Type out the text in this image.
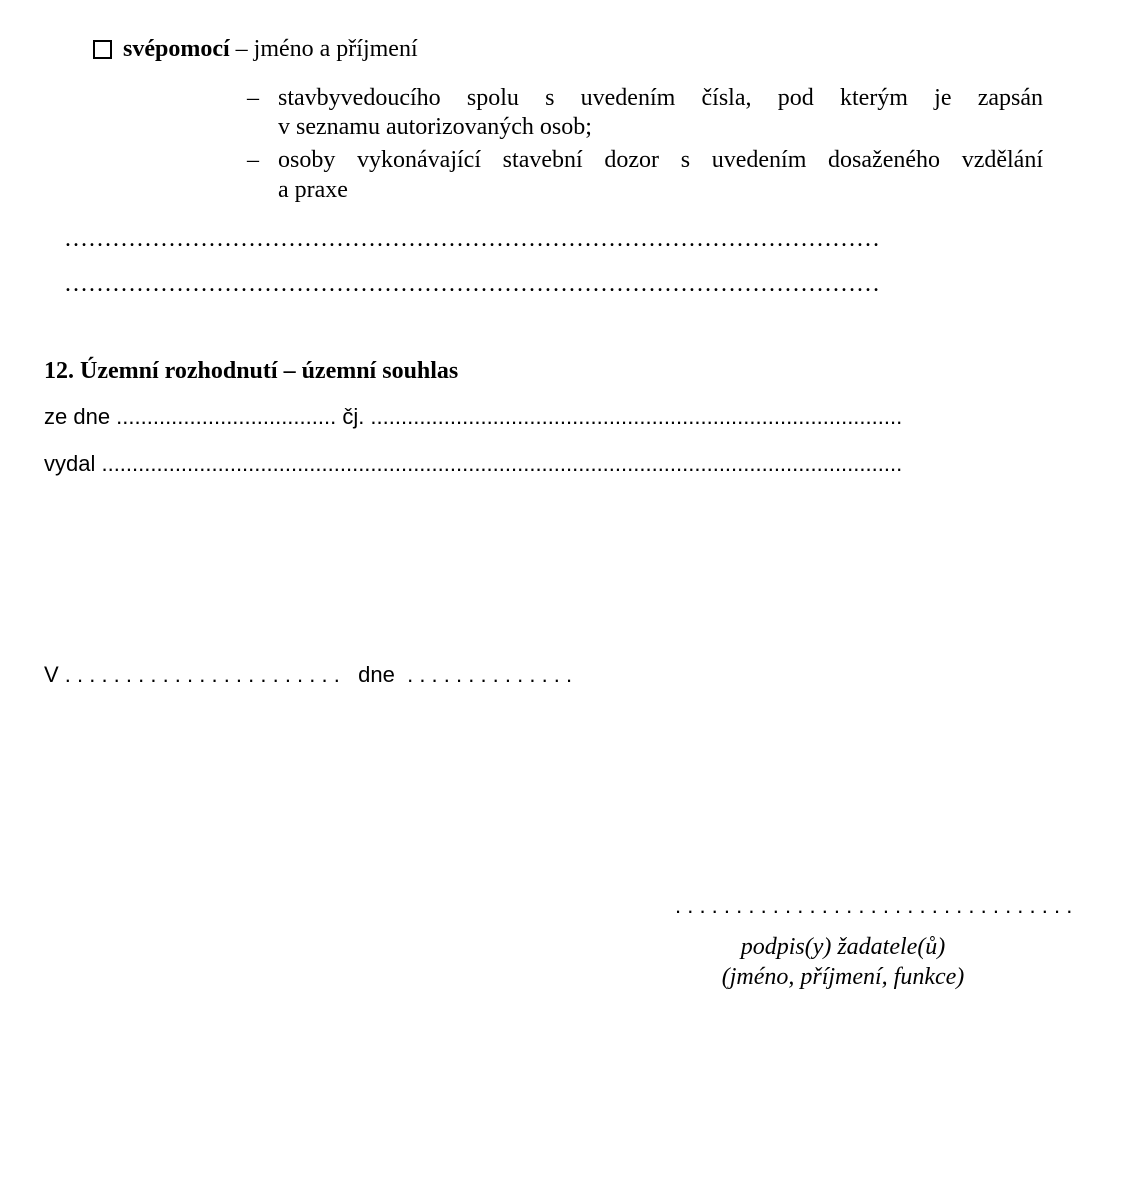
svépomocí – jméno a příjmení
– stavbyvedoucího spolu s uvedením čísla, pod kterým je zapsán
v seznamu autorizovaných osob;
– osoby vykonávající stavební dozor s uvedením dosaženého vzdělání
a praxe
…………………………………………………………………………………………
…………………………………………………………………………………………
12. Územní rozhodnutí – územní souhlas
ze dne .................................... čj. .......................................................................................
vydal ...................................................................................................................................
V . . . . . . . . . . . . . . . . . . . . . . .   dne  . . . . . . . . . . . . . .
. . . . . . . . . . . . . . . . . . . . . . . . . . . . . . . . .
podpis(y) žadatele(ů)
(jméno, příjmení, funkce)
